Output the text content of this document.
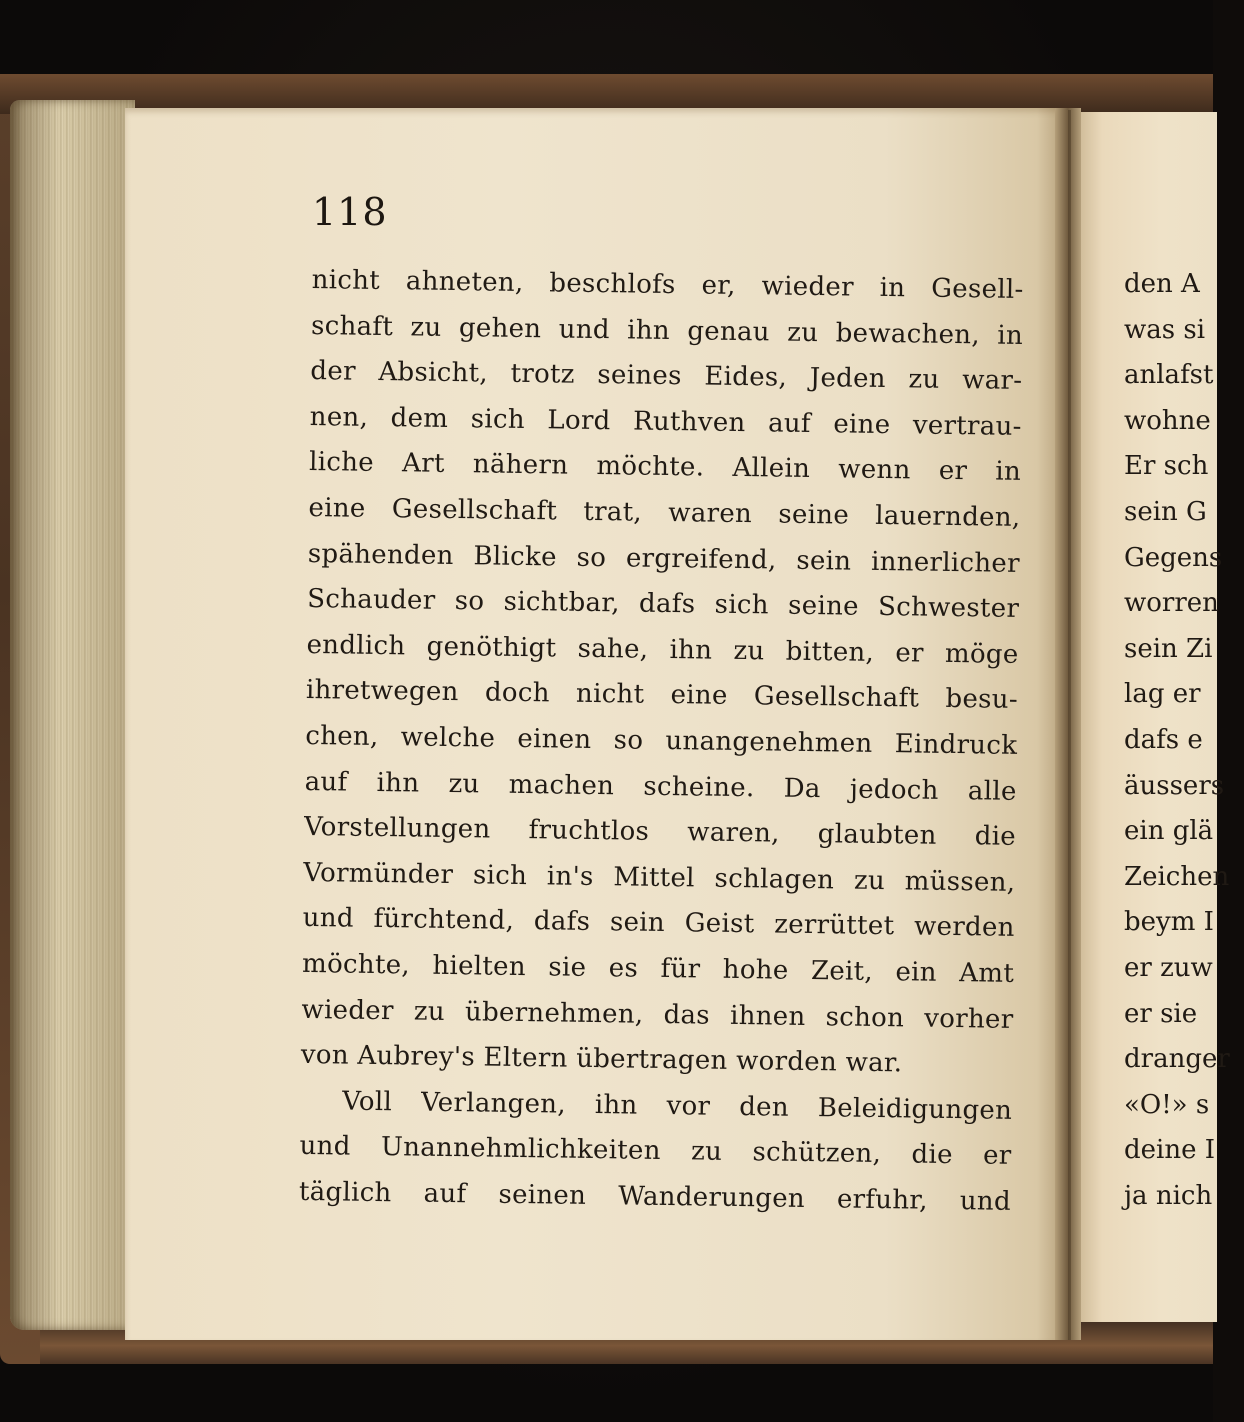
118
nicht ahneten, beschlofs er, wieder in Gesell-
schaft zu gehen und ihn genau zu bewachen, in
der Absicht, trotz seines Eides, Jeden zu war-
nen, dem sich Lord Ruthven auf eine vertrau-
liche Art nähern möchte. Allein wenn er in
eine Gesellschaft trat, waren seine lauernden,
spähenden Blicke so ergreifend, sein innerlicher
Schauder so sichtbar, dafs sich seine Schwester
endlich genöthigt sahe, ihn zu bitten, er möge
ihretwegen doch nicht eine Gesellschaft besu-
chen, welche einen so unangenehmen Eindruck
auf ihn zu machen scheine. Da jedoch alle
Vorstellungen fruchtlos waren, glaubten die
Vormünder sich in's Mittel schlagen zu müssen,
und fürchtend, dafs sein Geist zerrüttet werden
möchte, hielten sie es für hohe Zeit, ein Amt
wieder zu übernehmen, das ihnen schon vorher
von Aubrey's Eltern übertragen worden war.
Voll Verlangen, ihn vor den Beleidigungen
und Unannehmlichkeiten zu schützen, die er
täglich auf seinen Wanderungen erfuhr, und
den A
was si
anlafst
wohne
Er sch
sein G
Gegens
worren
sein Zi
lag er
dafs e
äussers
ein glä
Zeichen
beym I
er zuw
er sie
dranger
«O!» s
deine I
ja nich
